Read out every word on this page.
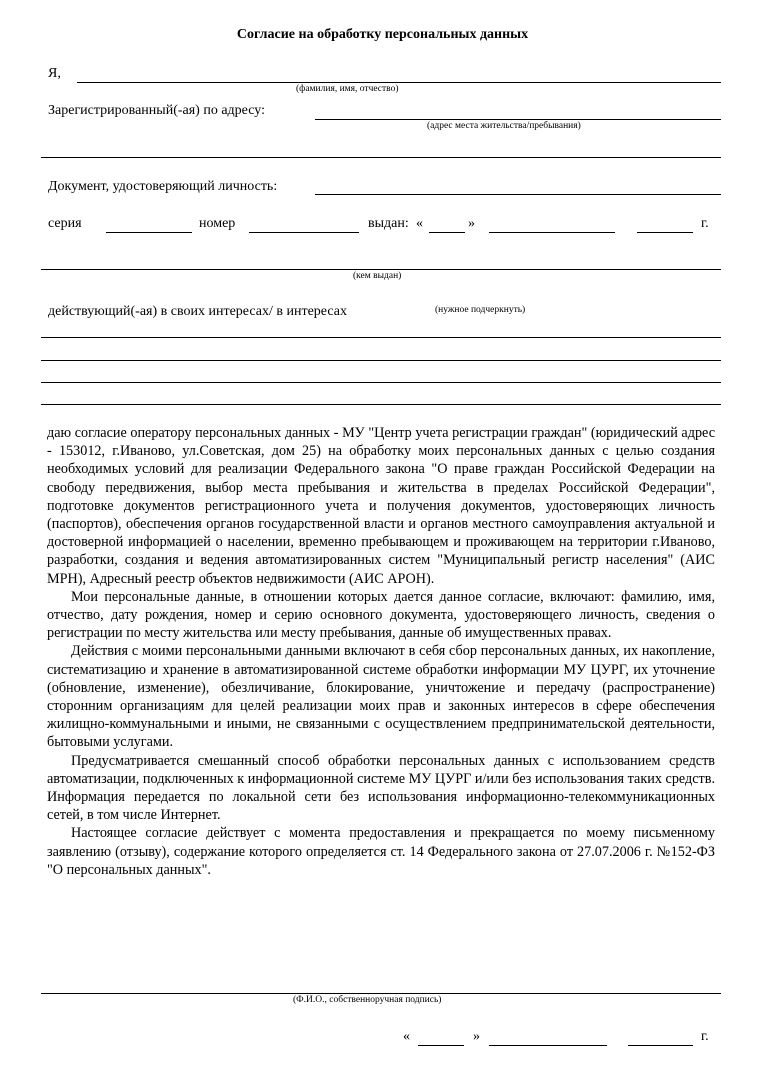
Согласие на обработку персональных данных
Я,
(фамилия, имя, отчество)
Зарегистрированный(-ая) по адресу:
(адрес места жительства/пребывания)
Документ, удостоверяющий личность:
серия	номер	выдан: «	»	г.
(кем выдан)
действующий(-ая) в своих интересах/ в интересах	(нужное подчеркнуть)

даю согласие оператору персональных данных - МУ "Центр учета регистрации граждан" (юридический адрес - 153012, г.Иваново, ул.Советская, дом 25) на обработку моих персональных данных с целью создания необходимых условий для реализации Федерального закона "О праве граждан Российской Федерации на свободу передвижения, выбор места пребывания и жительства в пределах Российской Федерации", подготовке документов регистрационного учета и получения документов, удостоверяющих личность (паспортов), обеспечения органов государственной власти и органов местного самоуправления актуальной и достоверной информацией о населении, временно пребывающем и проживающем на территории г.Иваново, разработки, создания и ведения автоматизированных систем "Муниципальный регистр населения" (АИС МРН), Адресный реестр объектов недвижимости (АИС АРОН).

Мои персональные данные, в отношении которых дается данное согласие, включают: фамилию, имя, отчество, дату рождения, номер и серию основного документа, удостоверяющего личность, сведения о регистрации по месту жительства или месту пребывания, данные об имущественных правах.

Действия с моими персональными данными включают в себя сбор персональных данных, их накопление, систематизацию и хранение в автоматизированной системе обработки информации МУ ЦУРГ, их уточнение (обновление, изменение), обезличивание, блокирование, уничтожение и передачу (распространение) сторонним организациям для целей реализации моих прав и законных интересов в сфере обеспечения жилищно-коммунальными и иными, не связанными с осуществлением предпринимательской деятельности, бытовыми услугами.

Предусматривается смешанный способ обработки персональных данных с использованием средств автоматизации, подключенных к информационной системе МУ ЦУРГ и/или без использования таких средств. Информация передается по локальной сети без использования информационно-телекоммуникационных сетей, в том числе Интернет.

Настоящее согласие действует с момента предоставления и прекращается по моему письменному заявлению (отзыву), содержание которого определяется ст. 14 Федерального закона от 27.07.2006 г. №152-ФЗ "О персональных данных".

(Ф.И.О., собственноручная подпись)
«	»	г.
